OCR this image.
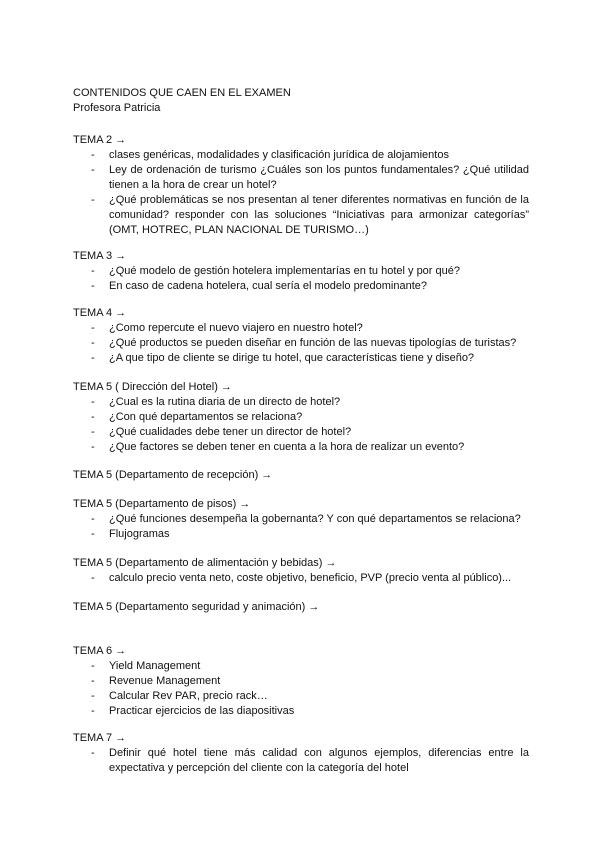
CONTENIDOS QUE CAEN EN EL EXAMEN
Profesora Patricia
TEMA 2 →
- clases genéricas, modalidades y clasificación jurídica de alojamientos
- Ley de ordenación de turismo ¿Cuáles son los puntos fundamentales? ¿Qué utilidad tienen a la hora de crear un hotel?
- ¿Qué problemáticas se nos presentan al tener diferentes normativas en función de la comunidad? responder con las soluciones “Iniciativas para armonizar categorías” (OMT, HOTREC, PLAN NACIONAL DE TURISMO…)
TEMA 3 →
- ¿Qué modelo de gestión hotelera implementarías en tu hotel y por qué?
- En caso de cadena hotelera, cual sería el modelo predominante?
TEMA 4 →
- ¿Como repercute el nuevo viajero en nuestro hotel?
- ¿Qué productos se pueden diseñar en función de las nuevas tipologías de turistas?
- ¿A que tipo de cliente se dirige tu hotel, que características tiene y diseño?
TEMA 5 ( Dirección del Hotel) →
- ¿Cual es la rutina diaria de un directo de hotel?
- ¿Con qué departamentos se relaciona?
- ¿Qué cualidades debe tener un director de hotel?
- ¿Que factores se deben tener en cuenta a la hora de realizar un evento?
TEMA 5 (Departamento de recepción) →
TEMA 5 (Departamento de pisos) →
- ¿Qué funciones desempeña la gobernanta? Y con qué departamentos se relaciona?
- Flujogramas
TEMA 5 (Departamento de alimentación y bebidas) →
- calculo precio venta neto, coste objetivo, beneficio, PVP (precio venta al público)...
TEMA 5 (Departamento seguridad y animación) →
TEMA 6 →
- Yield Management
- Revenue Management
- Calcular Rev PAR, precio rack…
- Practicar ejercicios de las diapositivas
TEMA 7 →
- Definir qué hotel tiene más calidad con algunos ejemplos, diferencias entre la expectativa y percepción del cliente con la categoría del hotel
